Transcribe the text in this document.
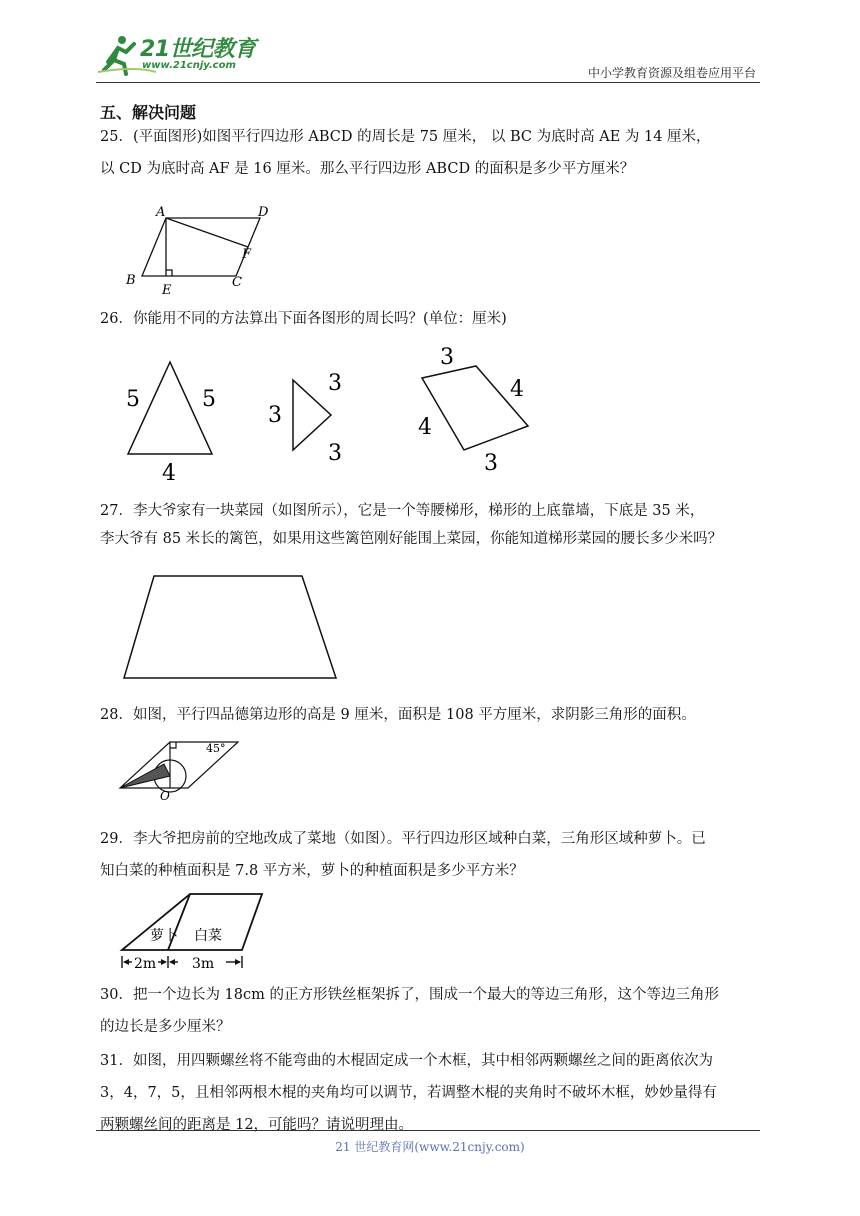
21世纪教育
www.21cnjy.com
中小学教育资源及组卷应用平台
五、解决问题
25．(平面图形)如图平行四边形 ABCD 的周长是 75 厘米， 以 BC 为底时高 AE 为 14 厘米，
以 CD 为底时高 AF 是 16 厘米。那么平行四边形 ABCD 的面积是多少平方厘米？
A	D
F
B
E
C
26．你能用不同的方法算出下面各图形的周长吗？(单位：厘米)
5	5
4
3
3
3
3
4
4
3
27．李大爷家有一块菜园（如图所示），它是一个等腰梯形，梯形的上底靠墙，下底是 35 米，
李大爷有 85 米长的篱笆，如果用这些篱笆刚好能围上菜园，你能知道梯形菜园的腰长多少米吗？
28．如图，平行四品德第边形的高是 9 厘米，面积是 108 平方厘米，求阴影三角形的面积。
45°
O
29．李大爷把房前的空地改成了菜地（如图）。平行四边形区域种白菜，三角形区域种萝卜。已
知白菜的种植面积是 7.8 平方米，萝卜的种植面积是多少平方米？
萝卜 白菜
2m	3m
30．把一个边长为 18cm 的正方形铁丝框架拆了，围成一个最大的等边三角形，这个等边三角形
的边长是多少厘米？
31．如图，用四颗螺丝将不能弯曲的木棍固定成一个木框，其中相邻两颗螺丝之间的距离依次为
3，4，7，5，且相邻两根木棍的夹角均可以调节，若调整木棍的夹角时不破坏木框，妙妙量得有
两颗螺丝间的距离是 12，可能吗？请说明理由。
21 世纪教育网(www.21cnjy.com)
